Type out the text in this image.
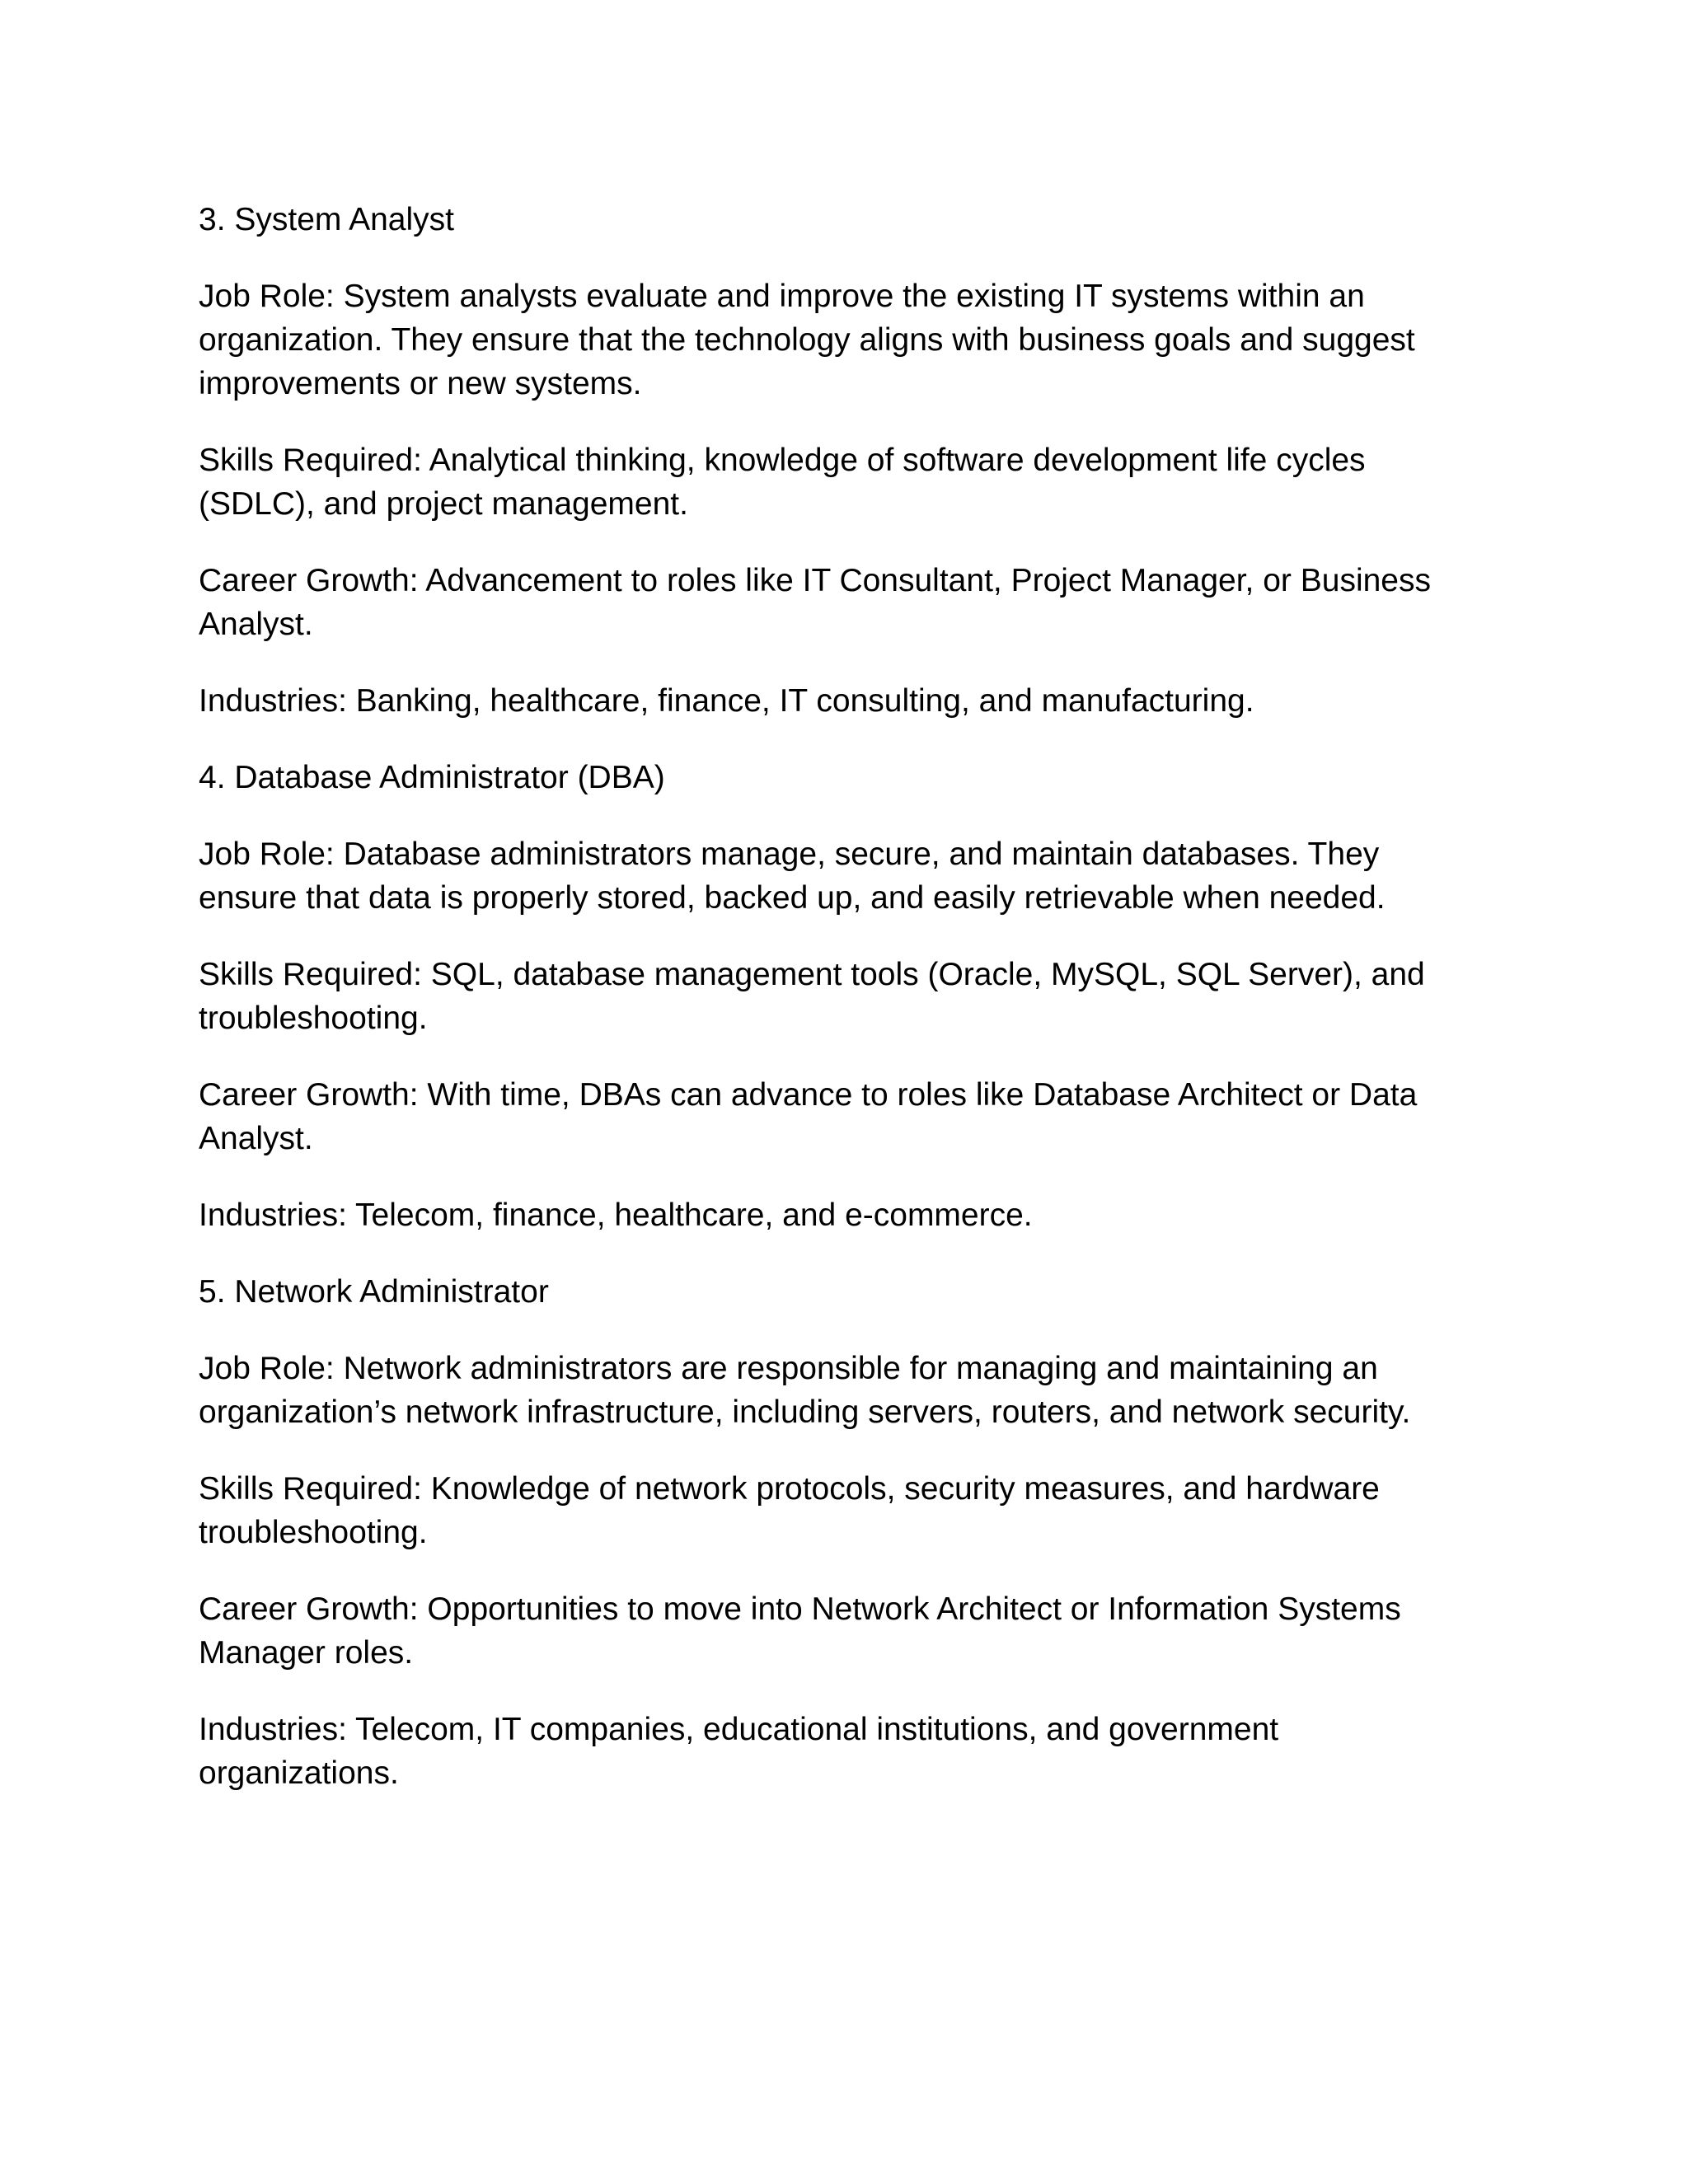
3. System Analyst

Job Role: System analysts evaluate and improve the existing IT systems within an
organization. They ensure that the technology aligns with business goals and suggest
improvements or new systems.

Skills Required: Analytical thinking, knowledge of software development life cycles
(SDLC), and project management.

Career Growth: Advancement to roles like IT Consultant, Project Manager, or Business
Analyst.

Industries: Banking, healthcare, finance, IT consulting, and manufacturing.

4. Database Administrator (DBA)

Job Role: Database administrators manage, secure, and maintain databases. They
ensure that data is properly stored, backed up, and easily retrievable when needed.

Skills Required: SQL, database management tools (Oracle, MySQL, SQL Server), and
troubleshooting.

Career Growth: With time, DBAs can advance to roles like Database Architect or Data
Analyst.

Industries: Telecom, finance, healthcare, and e-commerce.

5. Network Administrator

Job Role: Network administrators are responsible for managing and maintaining an
organization’s network infrastructure, including servers, routers, and network security.

Skills Required: Knowledge of network protocols, security measures, and hardware
troubleshooting.

Career Growth: Opportunities to move into Network Architect or Information Systems
Manager roles.

Industries: Telecom, IT companies, educational institutions, and government
organizations.
